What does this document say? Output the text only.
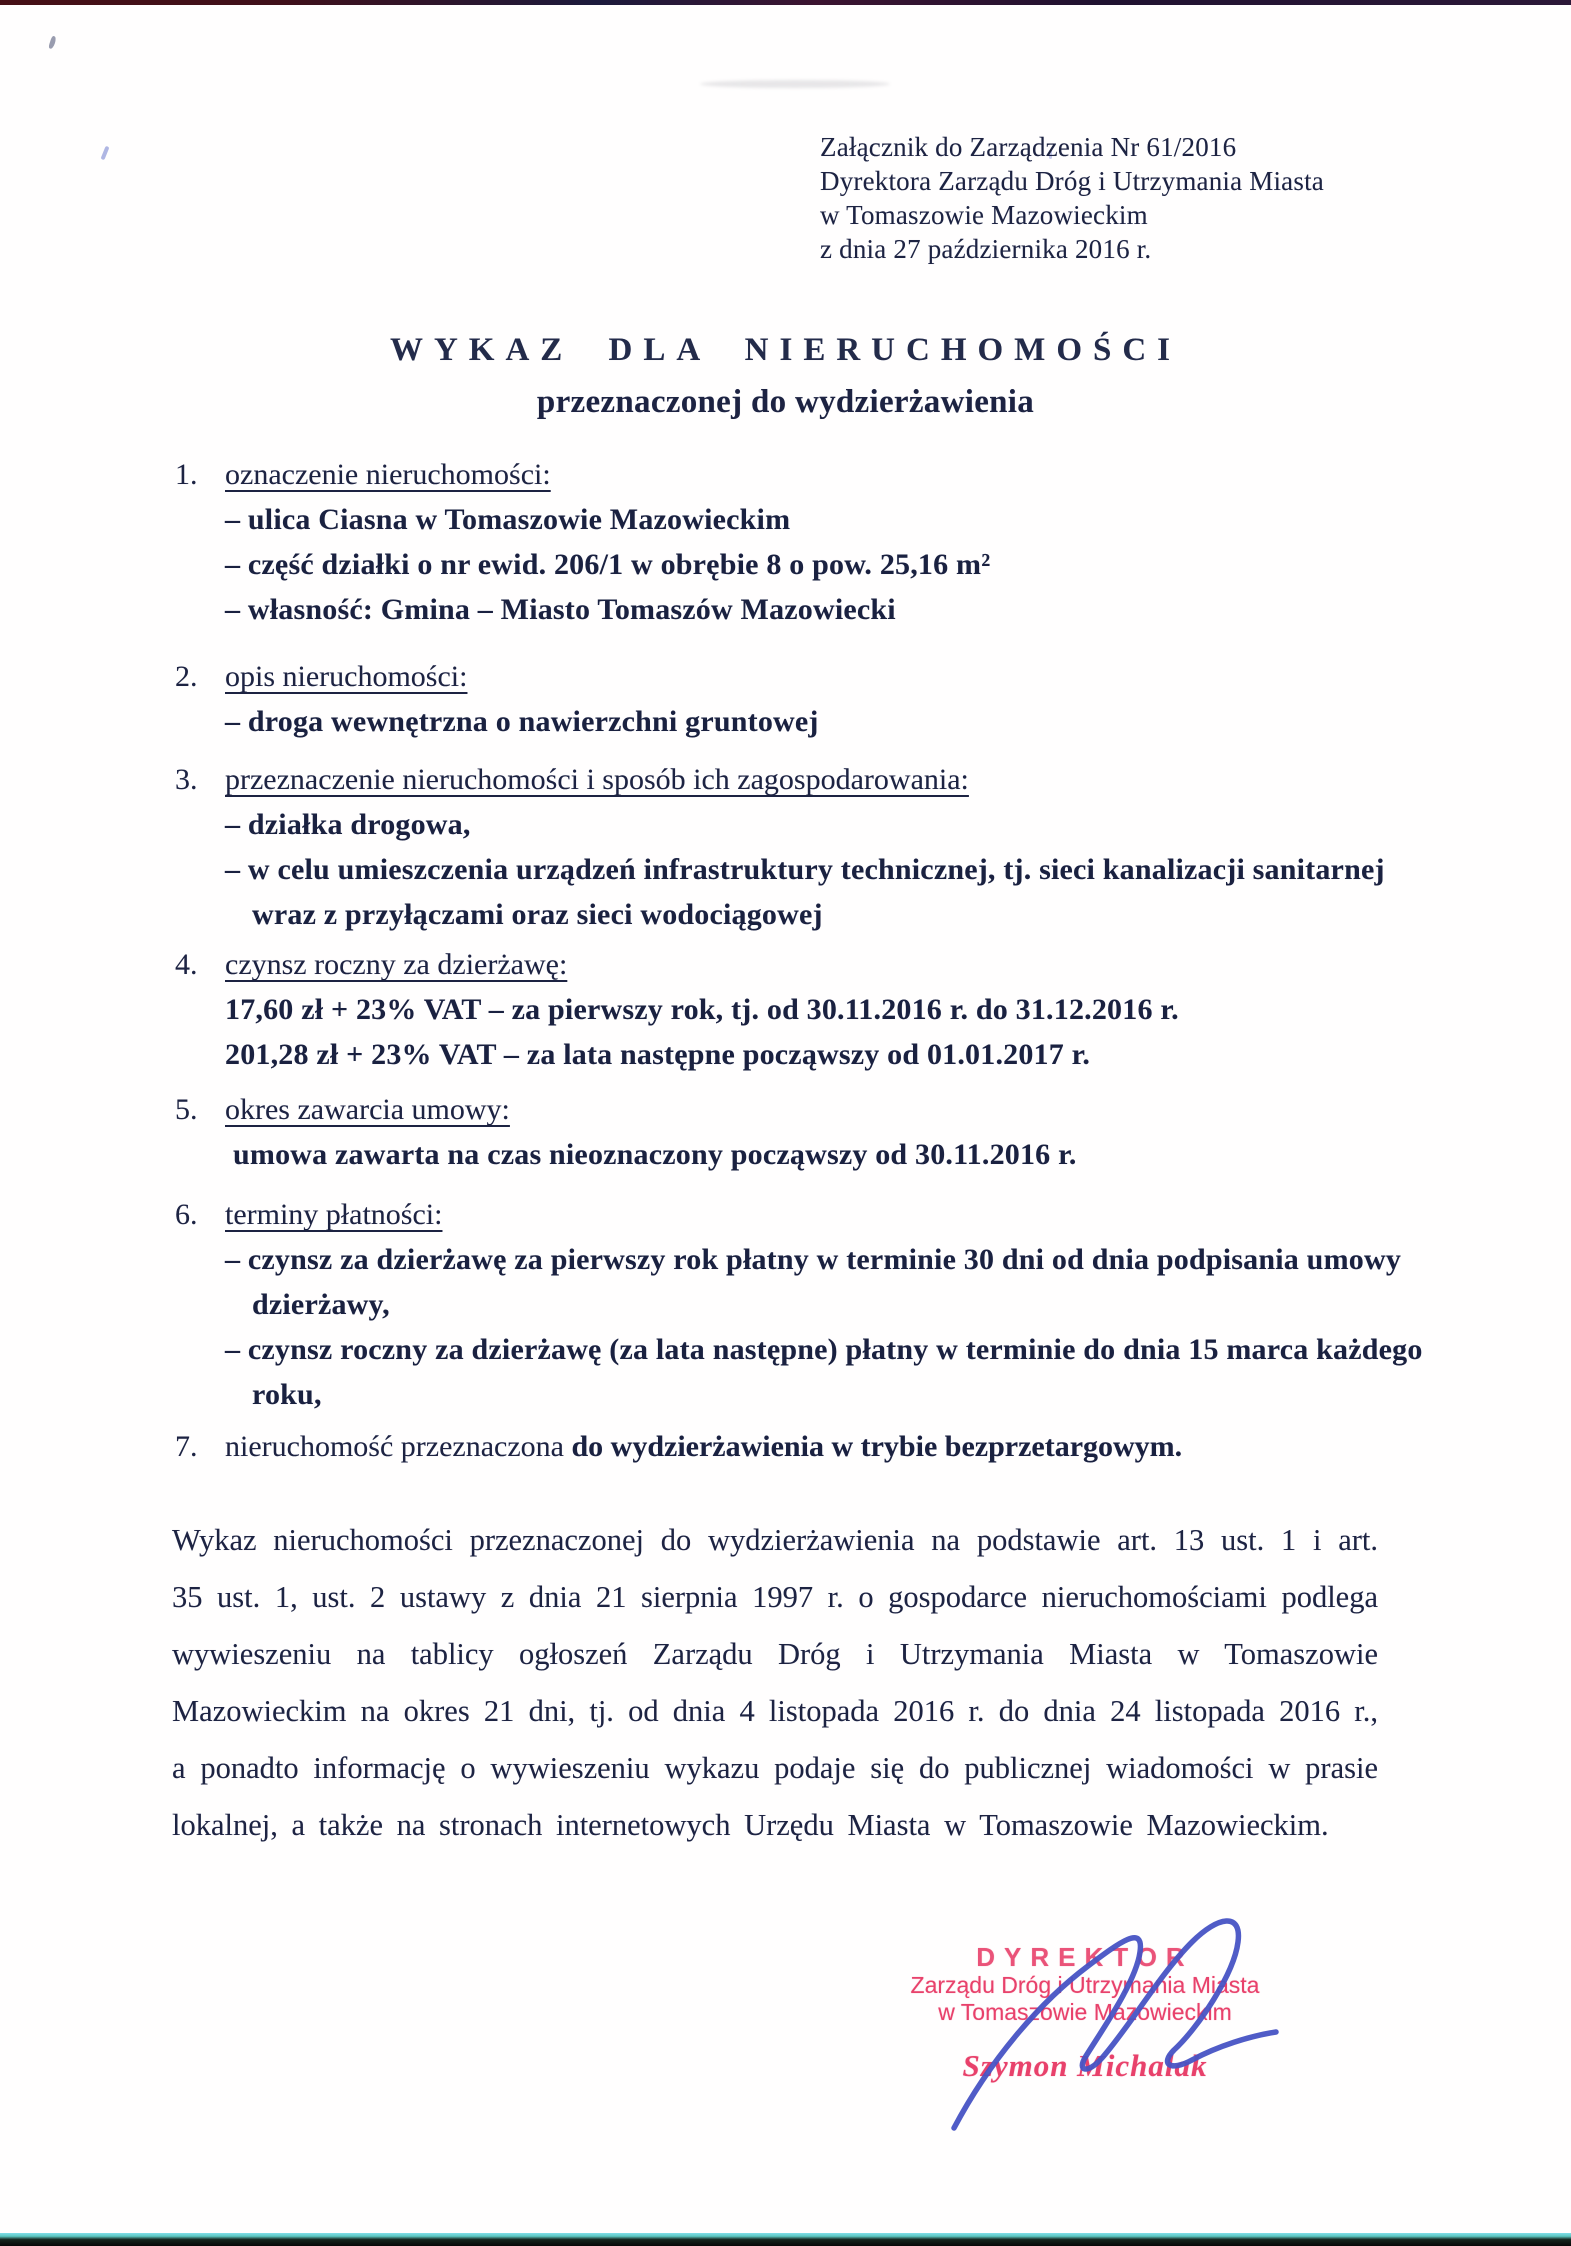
Załącznik do Zarządzenia Nr 61/2016
Dyrektora Zarządu Dróg i Utrzymania Miasta
w Tomaszowie Mazowieckim
z dnia 27 października 2016 r.
WYKAZ DLA NIERUCHOMOŚCI
przeznaczonej do wydzierżawienia
1. oznaczenie nieruchomości:
– ulica Ciasna w Tomaszowie Mazowieckim
– część działki o nr ewid. 206/1 w obrębie 8 o pow. 25,16 m²
– własność: Gmina – Miasto Tomaszów Mazowiecki
2. opis nieruchomości:
– droga wewnętrzna o nawierzchni gruntowej
3. przeznaczenie nieruchomości i sposób ich zagospodarowania:
– działka drogowa,
– w celu umieszczenia urządzeń infrastruktury technicznej, tj. sieci kanalizacji sanitarnej wraz z przyłączami oraz sieci wodociągowej
4. czynsz roczny za dzierżawę:
17,60 zł + 23% VAT – za pierwszy rok, tj. od 30.11.2016 r. do 31.12.2016 r.
201,28 zł + 23% VAT – za lata następne począwszy od 01.01.2017 r.
5. okres zawarcia umowy:
umowa zawarta na czas nieoznaczony począwszy od 30.11.2016 r.
6. terminy płatności:
– czynsz za dzierżawę za pierwszy rok płatny w terminie 30 dni od dnia podpisania umowy dzierżawy,
– czynsz roczny za dzierżawę (za lata następne) płatny w terminie do dnia 15 marca każdego roku,
7. nieruchomość przeznaczona do wydzierżawienia w trybie bezprzetargowym.
Wykaz nieruchomości przeznaczonej do wydzierżawienia na podstawie art. 13 ust. 1 i art. 35 ust. 1, ust. 2 ustawy z dnia 21 sierpnia 1997 r. o gospodarce nieruchomościami podlega wywieszeniu na tablicy ogłoszeń Zarządu Dróg i Utrzymania Miasta w Tomaszowie Mazowieckim na okres 21 dni, tj. od dnia 4 listopada 2016 r. do dnia 24 listopada 2016 r., a ponadto informację o wywieszeniu wykazu podaje się do publicznej wiadomości w prasie lokalnej, a także na stronach internetowych Urzędu Miasta w Tomaszowie Mazowieckim.
DYREKTOR
Zarządu Dróg i Utrzymania Miasta
w Tomaszowie Mazowieckim
Szymon Michalak
